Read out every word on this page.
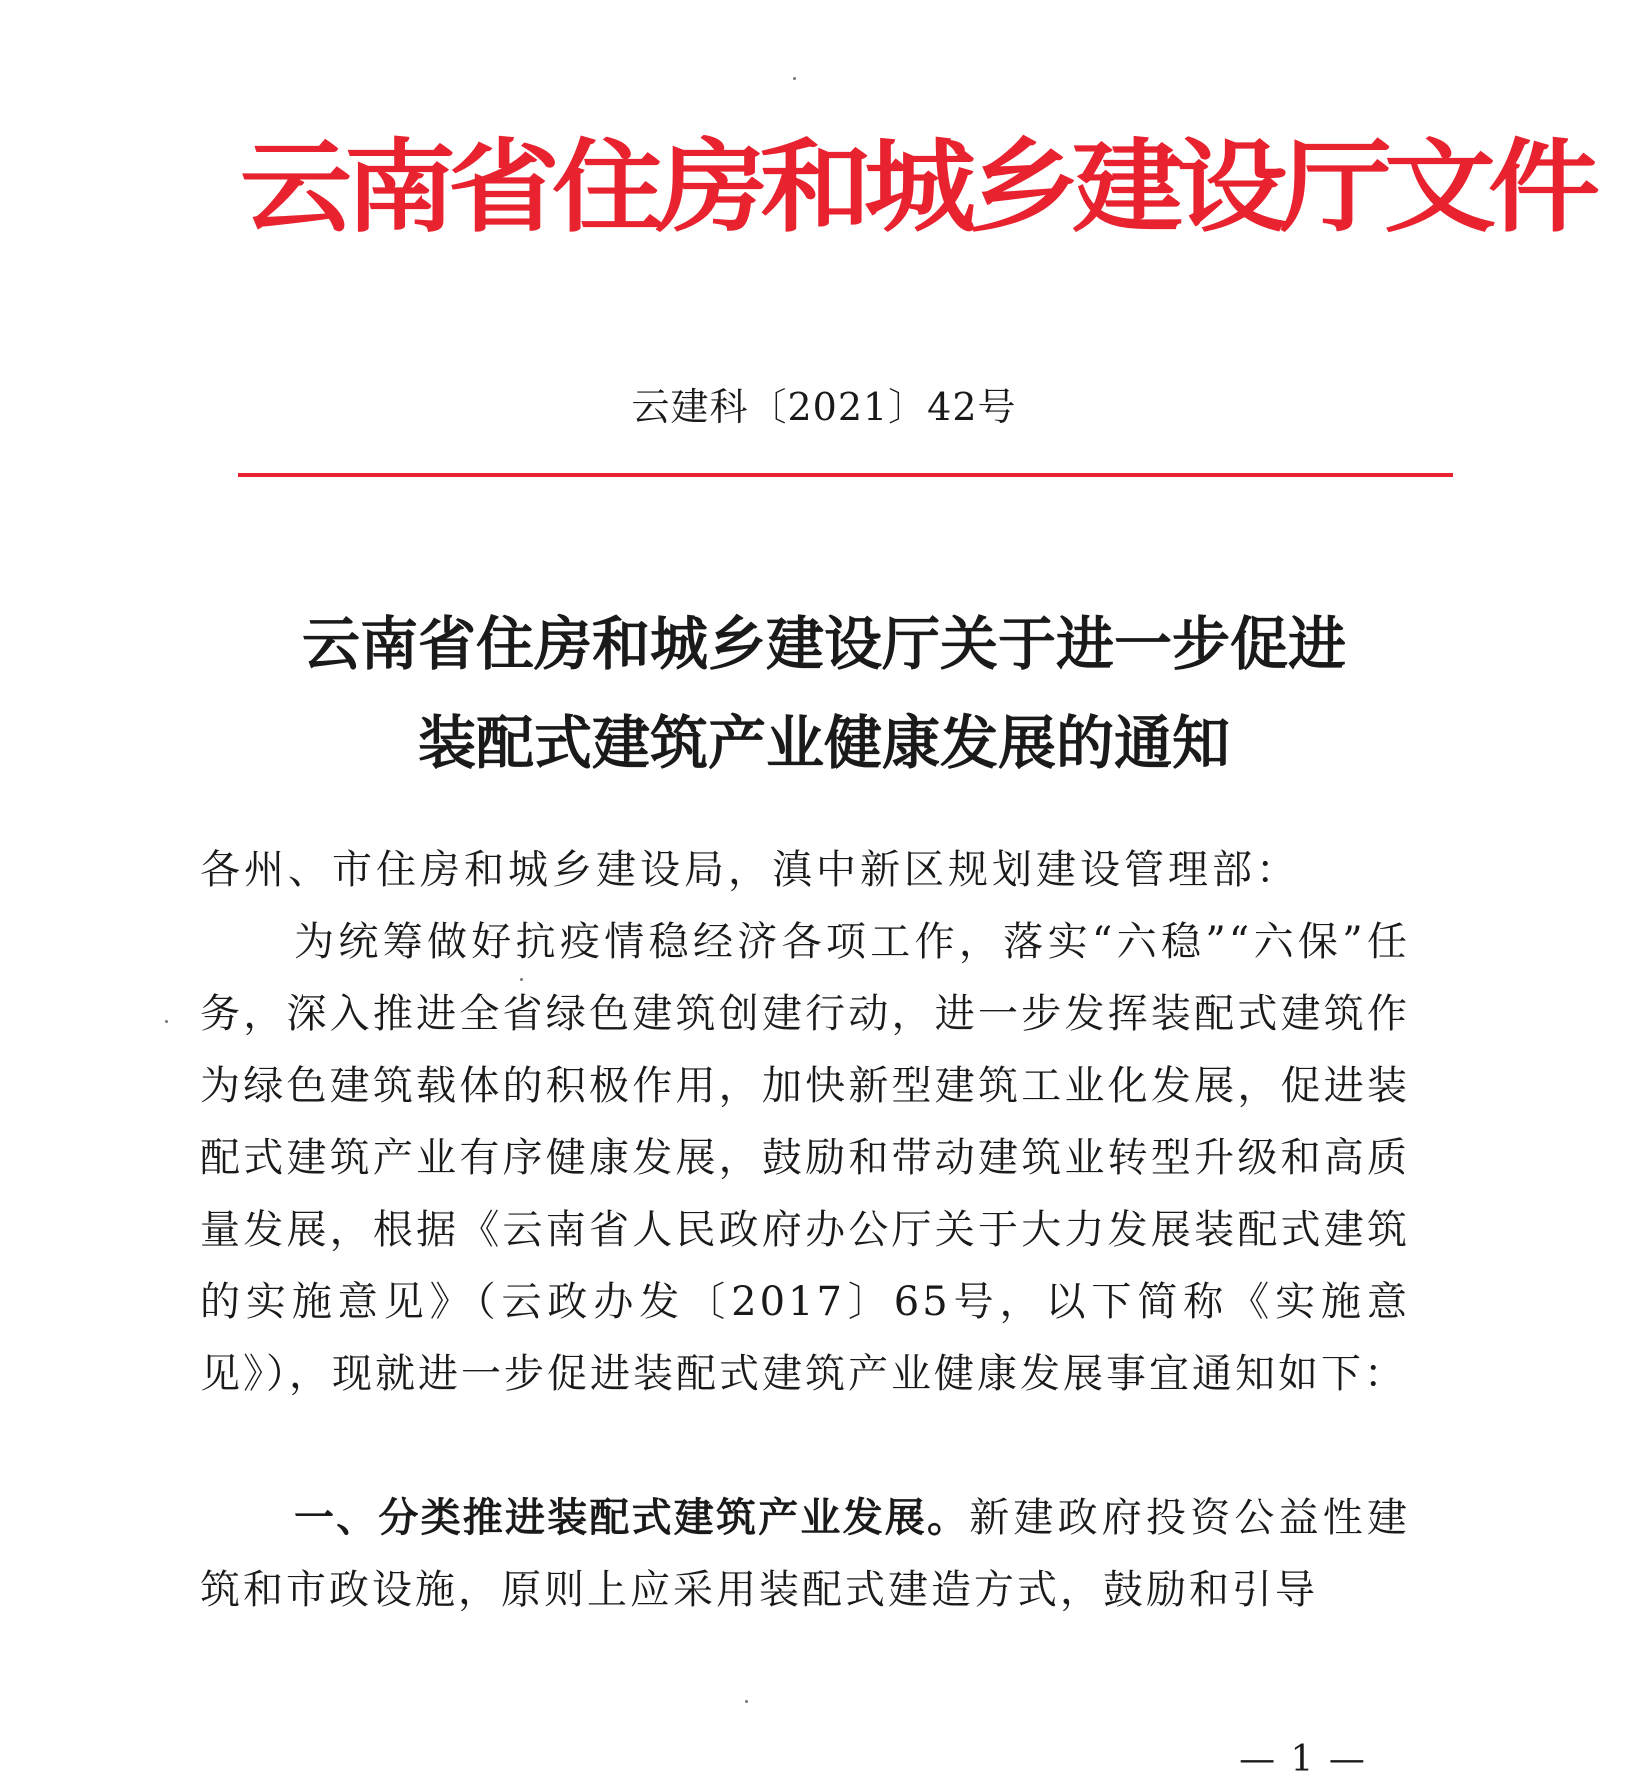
云南省住房和城乡建设厅文件
云建科〔2021〕42号
云南省住房和城乡建设厅关于进一步促进
装配式建筑产业健康发展的通知

各州、市住房和城乡建设局，滇中新区规划建设管理部：

为统筹做好抗疫情稳经济各项工作，落实“六稳”“六保”任务，深入推进全省绿色建筑创建行动，进一步发挥装配式建筑作为绿色建筑载体的积极作用，加快新型建筑工业化发展，促进装配式建筑产业有序健康发展，鼓励和带动建筑业转型升级和高质量发展，根据《云南省人民政府办公厅关于大力发展装配式建筑的实施意见》（云政办发〔2017〕65号，以下简称《实施意见》），现就进一步促进装配式建筑产业健康发展事宜通知如下：

一、分类推进装配式建筑产业发展。新建政府投资公益性建筑和市政设施，原则上应采用装配式建造方式，鼓励和引导

— 1 —
